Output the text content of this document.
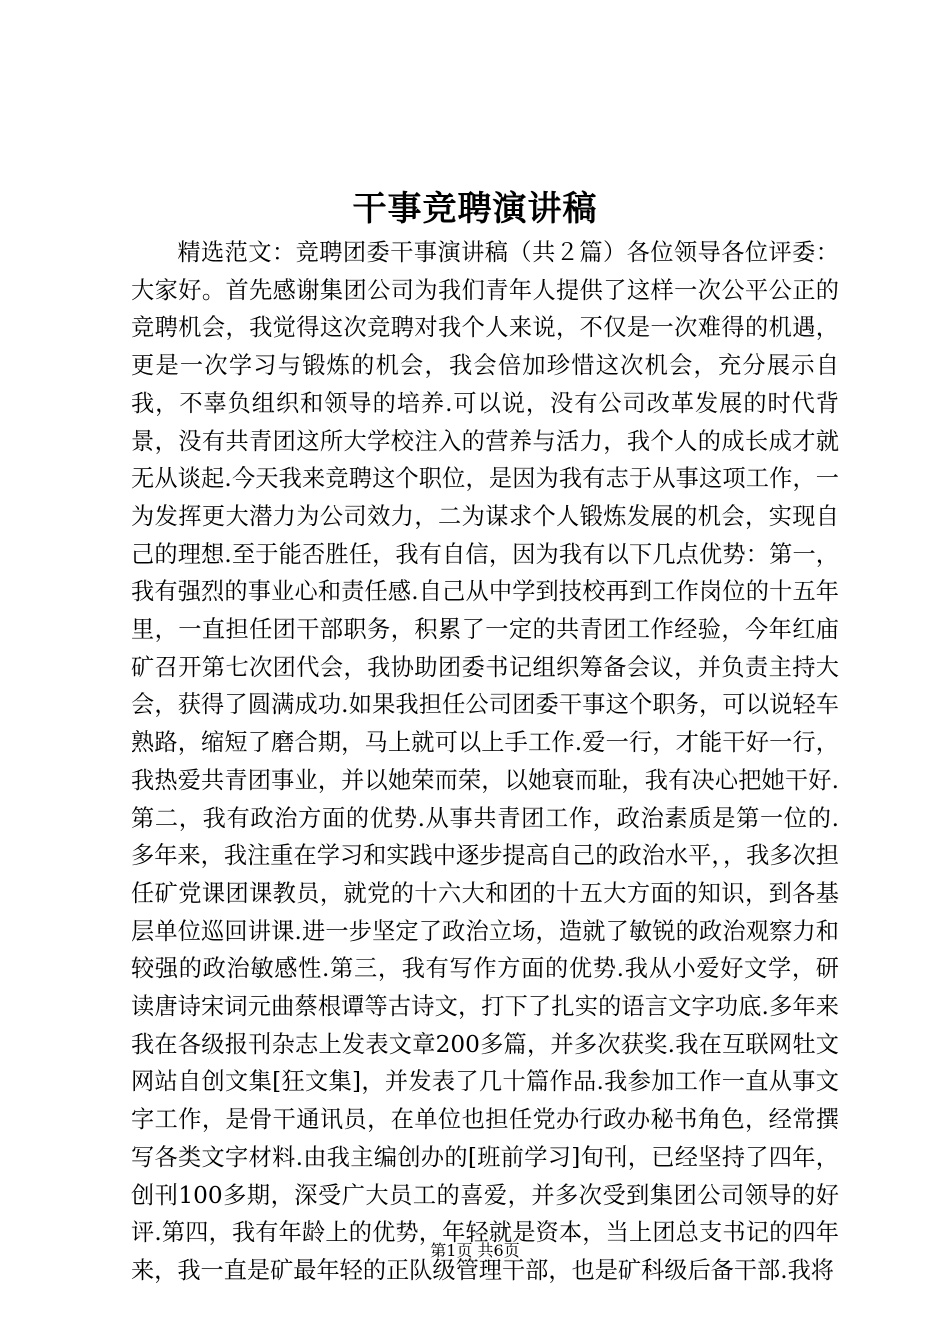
干事竞聘演讲稿

精选范文：竞聘团委干事演讲稿（共２篇）各位领导各位评委：大家好。首先感谢集团公司为我们青年人提供了这样一次公平公正的竞聘机会，我觉得这次竞聘对我个人来说，不仅是一次难得的机遇，更是一次学习与锻炼的机会，我会倍加珍惜这次机会，充分展示自我，不辜负组织和领导的培养.可以说，没有公司改革发展的时代背景，没有共青团这所大学校注入的营养与活力，我个人的成长成才就无从谈起.今天我来竞聘这个职位，是因为我有志于从事这项工作，一为发挥更大潜力为公司效力，二为谋求个人锻炼发展的机会，实现自己的理想.至于能否胜任，我有自信，因为我有以下几点优势：第一，我有强烈的事业心和责任感.自己从中学到技校再到工作岗位的十五年里，一直担任团干部职务，积累了一定的共青团工作经验，今年红庙矿召开第七次团代会，我协助团委书记组织筹备会议，并负责主持大会，获得了圆满成功.如果我担任公司团委干事这个职务，可以说轻车熟路，缩短了磨合期，马上就可以上手工作.爱一行，才能干好一行，我热爱共青团事业，并以她荣而荣，以她衰而耻，我有决心把她干好.第二，我有政治方面的优势.从事共青团工作，政治素质是第一位的.多年来，我注重在学习和实践中逐步提高自己的政治水平，，我多次担任矿党课团课教员，就党的十六大和团的十五大方面的知识，到各基层单位巡回讲课.进一步坚定了政治立场，造就了敏锐的政治观察力和较强的政治敏感性.第三，我有写作方面的优势.我从小爱好文学，研读唐诗宋词元曲蔡根谭等古诗文，打下了扎实的语言文字功底.多年来我在各级报刊杂志上发表文章200多篇，并多次获奖.我在互联网牡文网站自创文集[狂文集]，并发表了几十篇作品.我参加工作一直从事文字工作，是骨干通讯员，在单位也担任党办行政办秘书角色，经常撰写各类文字材料.由我主编创办的[班前学习]旬刊，已经坚持了四年，创刊100多期，深受广大员工的喜爱，并多次受到集团公司领导的好评.第四，我有年龄上的优势，年轻就是资本，当上团总支书记的四年来，我一直是矿最年轻的正队级管理干部，也是矿科级后备干部.我将

第1页 共6页
